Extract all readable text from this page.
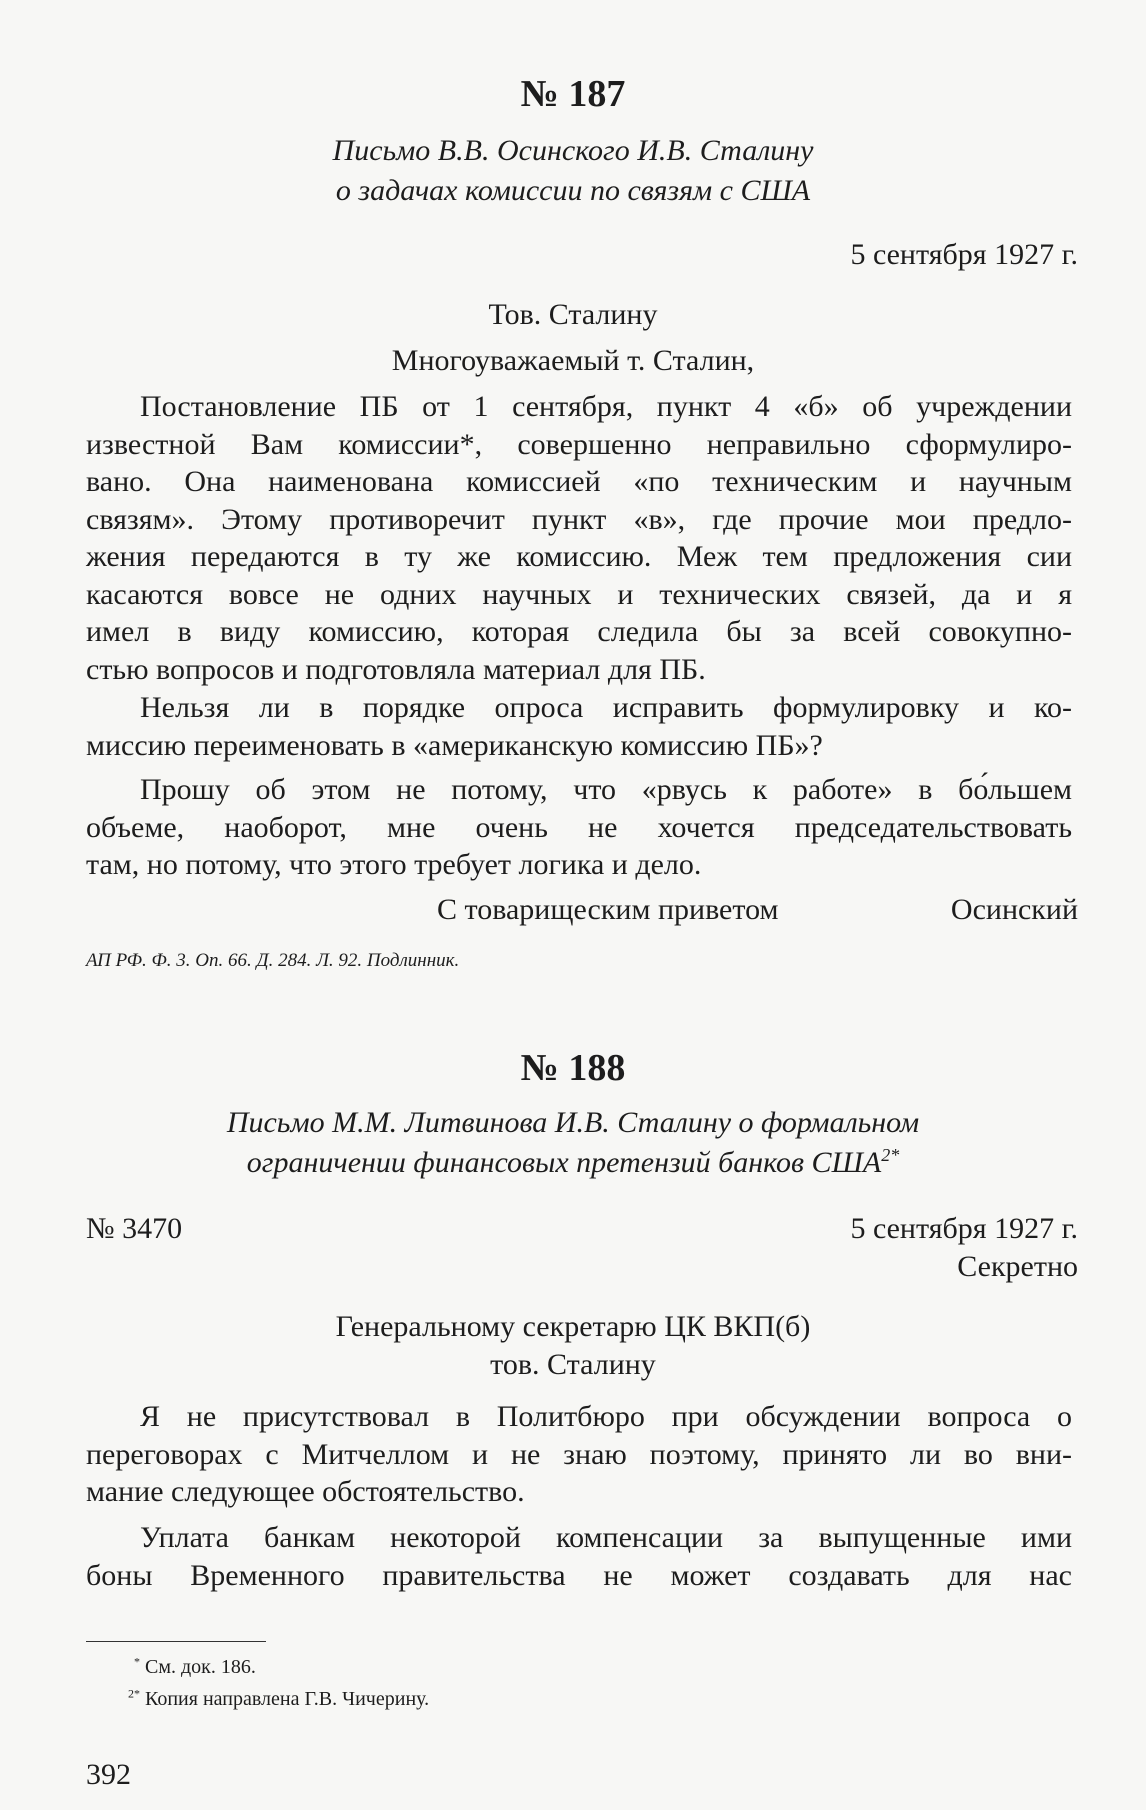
№ 187
Письмо В.В. Осинского И.В. Сталину
о задачах комиссии по связям с США
5 сентября 1927 г.
Тов. Сталину
Многоуважаемый т. Сталин,
Постановление ПБ от 1 сентября, пункт 4 «б» об учреждении
известной Вам комиссии*, совершенно неправильно сформулиро-
вано. Она наименована комиссией «по техническим и научным
связям». Этому противоречит пункт «в», где прочие мои предло-
жения передаются в ту же комиссию. Меж тем предложения сии
касаются вовсе не одних научных и технических связей, да и я
имел в виду комиссию, которая следила бы за всей совокупно-
стью вопросов и подготовляла материал для ПБ.
Нельзя ли в порядке опроса исправить формулировку и ко-
миссию переименовать в «американскую комиссию ПБ»?
Прошу об этом не потому, что «рвусь к работе» в бо́льшем
объеме, наоборот, мне очень не хочется председательствовать
там, но потому, что этого требует логика и дело.
С товарищеским приветом	Осинский
АП РФ. Ф. 3. Оп. 66. Д. 284. Л. 92. Подлинник.
№ 188
Письмо М.М. Литвинова И.В. Сталину о формальном
ограничении финансовых претензий банков $США^{2*}$
№ 3470	5 сентября 1927 г.
Секретно
Генеральному секретарю ЦК ВКП(б)
тов. Сталину
Я не присутствовал в Политбюро при обсуждении вопроса о
переговорах с Митчеллом и не знаю поэтому, принято ли во вни-
мание следующее обстоятельство.
Уплата банкам некоторой компенсации за выпущенные ими
боны Временного правительства не может создавать для нас
* См. док. 186.
$^{2*}$ Копия направлена Г.В. Чичерину.
392
